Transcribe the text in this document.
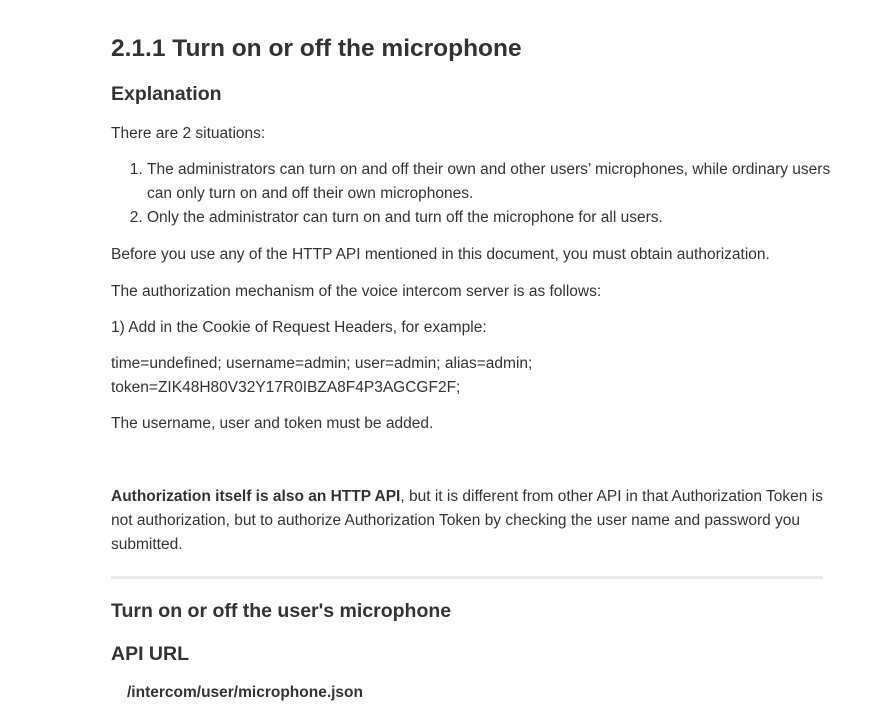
2.1.1 Turn on or off the microphone
Explanation
There are 2 situations:
1. The administrators can turn on and off their own and other users’ microphones, while ordinary users can only turn on and off their own microphones.
2. Only the administrator can turn on and turn off the microphone for all users.
Before you use any of the HTTP API mentioned in this document, you must obtain authorization.
The authorization mechanism of the voice intercom server is as follows:
1) Add in the Cookie of Request Headers, for example:
time=undefined; username=admin; user=admin; alias=admin;
token=ZIK48H80V32Y17R0IBZA8F4P3AGCGF2F;
The username, user and token must be added.
Authorization itself is also an HTTP API, but it is different from other API in that Authorization Token is not authorization, but to authorize Authorization Token by checking the user name and password you submitted.
Turn on or off the user's microphone
API URL
/intercom/user/microphone.json
